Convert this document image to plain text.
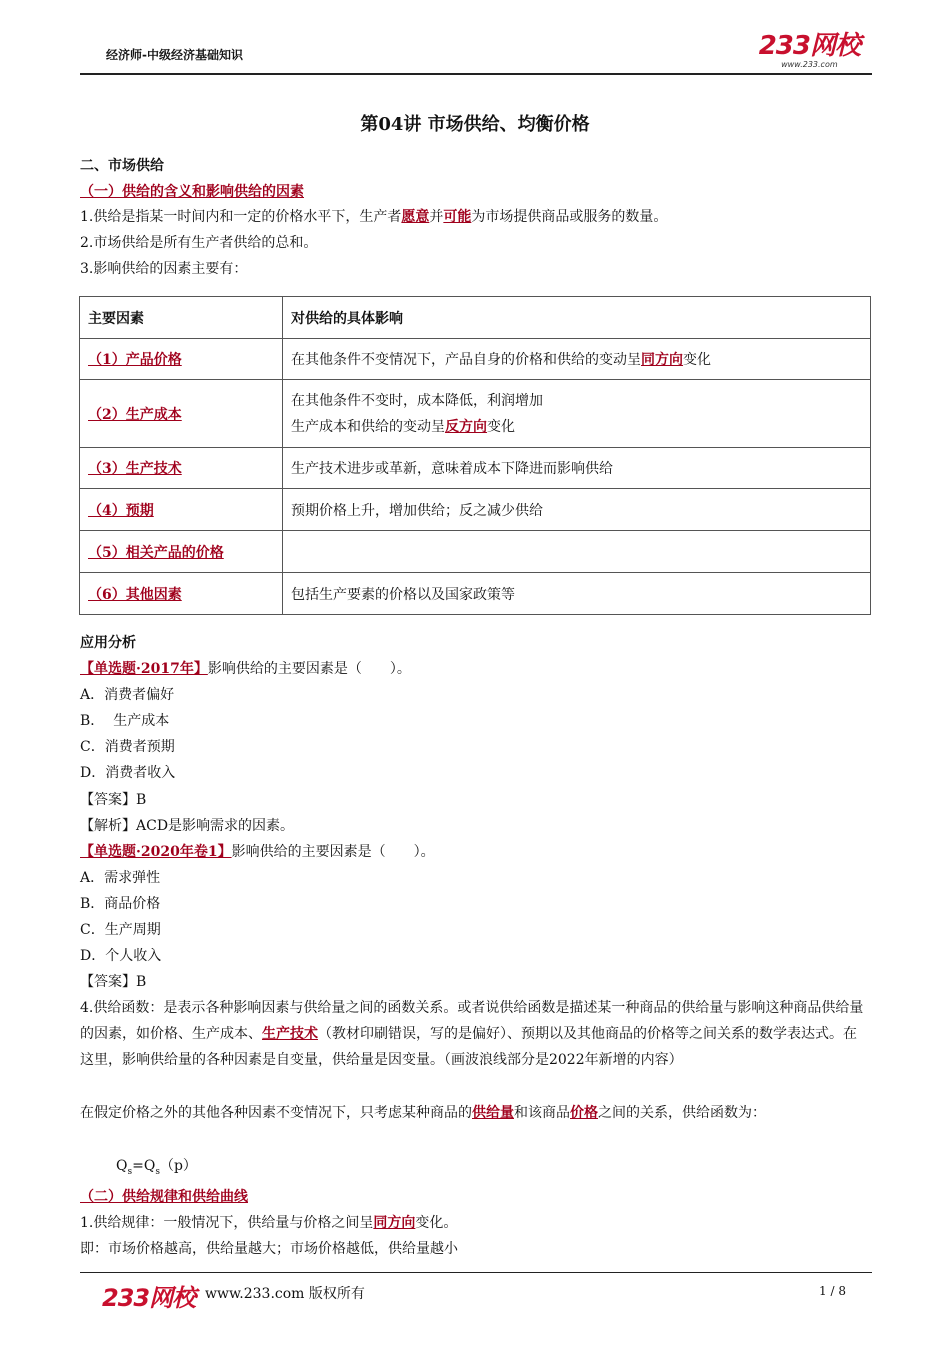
经济师-中级经济基础知识	233网校
www.233.com
第04讲 市场供给、均衡价格
二、市场供给
（一）供给的含义和影响供给的因素
1.供给是指某一时间内和一定的价格水平下，生产者愿意并可能为市场提供商品或服务的数量。
2.市场供给是所有生产者供给的总和。
3.影响供给的因素主要有：
主要因素	对供给的具体影响
（1）产品价格	在其他条件不变情况下，产品自身的价格和供给的变动呈同方向变化
（2）生产成本	在其他条件不变时，成本降低，利润增加
生产成本和供给的变动呈反方向变化

（3）生产技术	生产技术进步或革新，意味着成本下降进而影响供给
（4）预期	预期价格上升，增加供给；反之减少供给
（5）相关产品的价格	
（6）其他因素	包括生产要素的价格以及国家政策等
应用分析
【单选题·2017年】影响供给的主要因素是（　　）。
A．消费者偏好
B．  生产成本
C．消费者预期
D．消费者收入
【答案】B
【解析】ACD是影响需求的因素。
【单选题·2020年卷1】影响供给的主要因素是（　　）。
A．需求弹性
B．商品价格
C．生产周期
D．个人收入
【答案】B
4.供给函数：是表示各种影响因素与供给量之间的函数关系。或者说供给函数是描述某一种商品的供给量与影响这种商品供给量的因素，如价格、生产成本、生产技术（教材印刷错误，写的是偏好）、预期以及其他商品的价格等之间关系的数学表达式。在这里，影响供给量的各种因素是自变量，供给量是因变量。（画波浪线部分是2022年新增的内容）
在假定价格之外的其他各种因素不变情况下，只考虑某种商品的供给量和该商品价格之间的关系，供给函数为：
$Q_s=Q_s(p)$
（二）供给规律和供给曲线
1.供给规律：一般情况下，供给量与价格之间呈同方向变化。
即：市场价格越高，供给量越大；市场价格越低，供给量越小
233网校 www.233.com 版权所有	1 / 8
